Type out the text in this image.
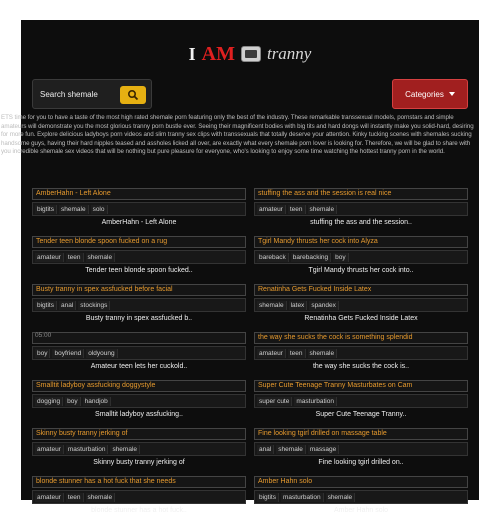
I AM tranny
Search shemale
Categories
ETS time for you to have a taste of the most high rated shemale porn featuring only the best of the industry. These remarkable transsexual models, pornstars and simple amateurs will demonstrate you the most glorious tranny porn bustle ever. Seeing their magnificent bodies with big tits and hard dongs will instantly make you solid-hard, desiring for more fun. Explore delicious ladyboys porn videos and slim tranny sex clips with transsexuals that totally deserve your attention. Kinky tucking scenes with shemales sucking handsome guys, having their hard nipples teased and assholes licked all over, are exactly what every shemale porn lover is looking for. Therefore, we will be glad to share with you incredible shemale sex videos that will be nothing but pure pleasure for everyone, who's looking to enjoy some time watching the hottest tranny porn in the world.
AmberHahn - Left Alone
bigtits	shemale	solo
AmberHahn - Left Alone
stuffing the ass and the session is real nice
amateur	teen	shemale
stuffing the ass and the session..
Tender teen blonde spoon fucked on a rug
amateur	teen	shemale
Tender teen blonde spoon fucked..
Tgirl Mandy thrusts her cock into Alyza
bareback	barebacking	boy
Tgirl Mandy thrusts her cock into..
Busty tranny in spex assfucked before facial
bigtits	anal	stockings
Busty tranny in spex assfucked b..
Renatinha Gets Fucked Inside Latex
shemale	latex	spandex
Renatinha Gets Fucked Inside Latex
05:00
boy	boyfriend	oldyoung
Amateur teen lets her cuckold..
the way she sucks the cock is something splendid
amateur	teen	shemale
the way she sucks the cock is..
Smalltit ladyboy assfucking doggystyle
dogging	boy	handjob
Smalltit ladyboy assfucking..
Super Cute Teenage Tranny Masturbates on Cam
super cute	masturbation
Super Cute Teenage Tranny..
Skinny busty tranny jerking of
amateur	masturbation	shemale
Skinny busty tranny jerking of
Fine looking tgirl drilled on massage table
anal	shemale	massage
Fine looking tgirl drilled on..
blonde stunner has a hot fuck that she needs
amateur	teen	shemale
blonde stunner has a hot fuck..
Amber Hahn solo
bigtits	masturbation	shemale
Amber Hahn solo
